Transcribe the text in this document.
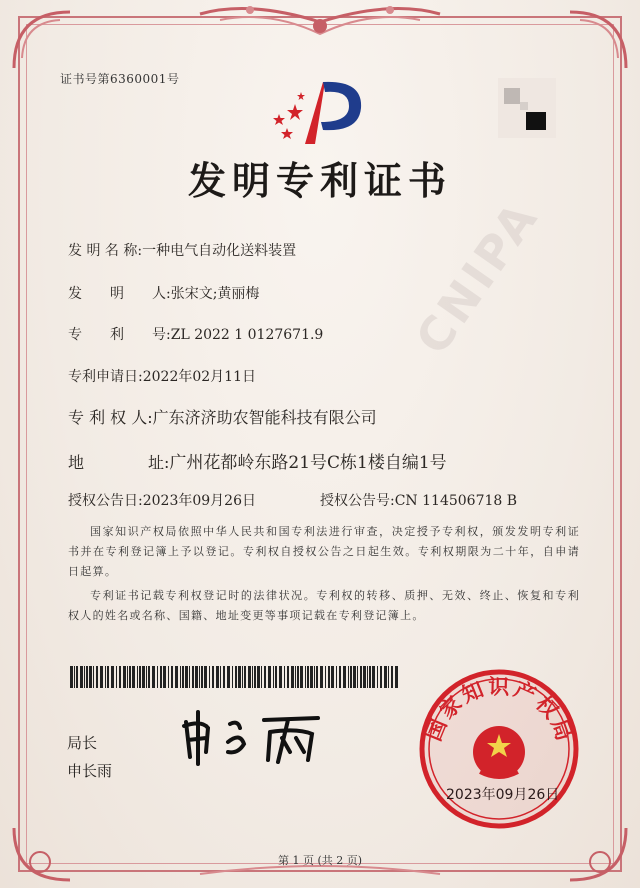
CNIPA
证书号第6360001号
发明专利证书
发 明 名 称:一种电气自动化送料装置
发　　明　　人:张宋文;黄丽梅
专　　利　　号:ZL 2022 1 0127671.9
专利申请日:2022年02月11日
专 利 权 人:广东济济助农智能科技有限公司
地　　　　址:广州花都岭东路21号C栋1楼自编1号
授权公告日:2023年09月26日	授权公告号:CN 114506718 B
国家知识产权局依照中华人民共和国专利法进行审查，决定授予专利权，颁发发明专利证书并在专利登记簿上予以登记。专利权自授权公告之日起生效。专利权期限为二十年，自申请日起算。
专利证书记载专利权登记时的法律状况。专利权的转移、质押、无效、终止、恢复和专利权人的姓名或名称、国籍、地址变更等事项记载在专利登记簿上。
局长
申长雨
国家知识产权局
2023年09月26日
第 1 页 (共 2 页)
